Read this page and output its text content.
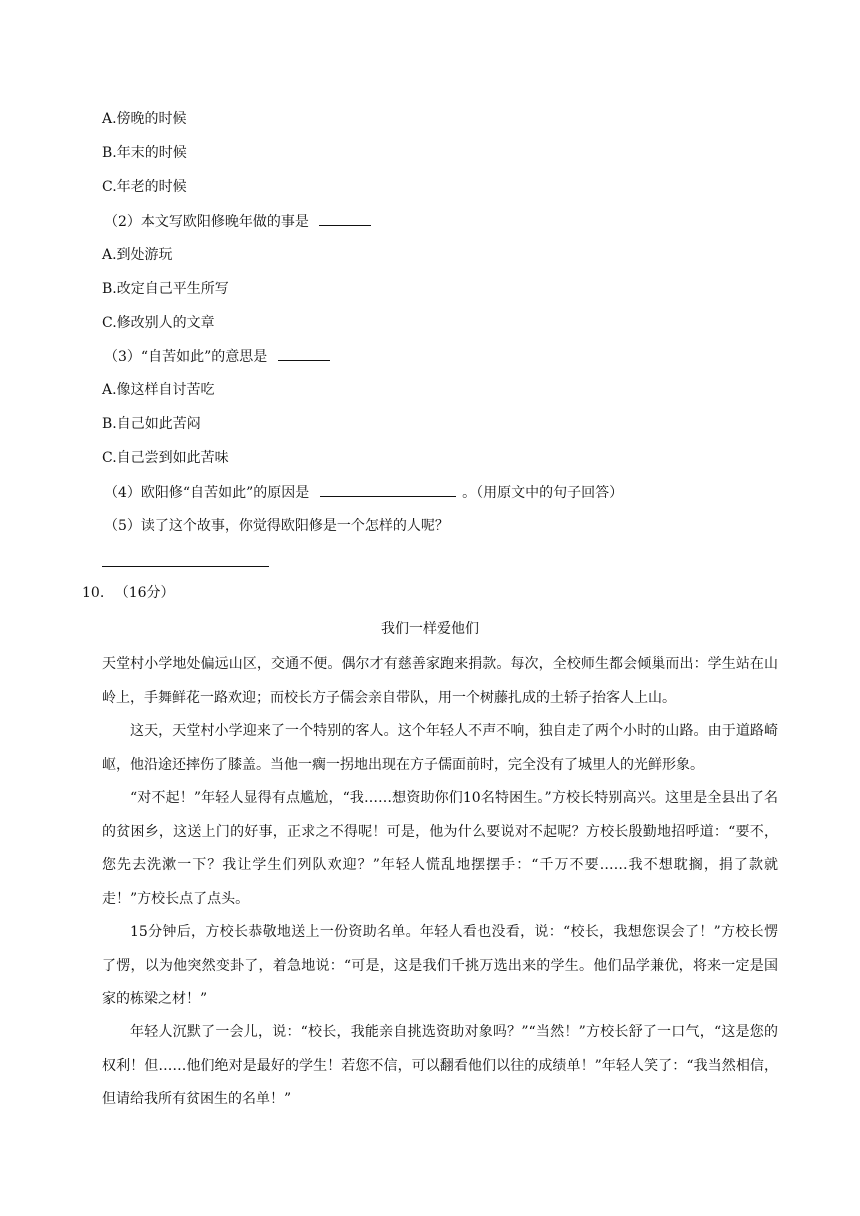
A.傍晚的时候
B.年末的时候
C.年老的时候
（2）本文写欧阳修晚年做的事是
A.到处游玩
B.改定自己平生所写
C.修改别人的文章
（3）“自苦如此”的意思是
A.像这样自讨苦吃
B.自己如此苦闷
C.自己尝到如此苦味
（4）欧阳修“自苦如此”的原因是	。（用原文中的句子回答）
（5）读了这个故事，你觉得欧阳修是一个怎样的人呢？
10. （16分）
我们一样爱他们
天堂村小学地处偏远山区，交通不便。偶尔才有慈善家跑来捐款。每次，全校师生都会倾巢而出：学生站在山岭上，手舞鲜花一路欢迎；而校长方子儒会亲自带队，用一个树藤扎成的土轿子抬客人上山。
这天，天堂村小学迎来了一个特别的客人。这个年轻人不声不响，独自走了两个小时的山路。由于道路崎岖，他沿途还摔伤了膝盖。当他一瘸一拐地出现在方子儒面前时，完全没有了城里人的光鲜形象。
“对不起！”年轻人显得有点尴尬，“我……想资助你们10名特困生。”方校长特别高兴。这里是全县出了名的贫困乡，这送上门的好事，正求之不得呢！可是，他为什么要说对不起呢？方校长殷勤地招呼道：“要不，您先去洗漱一下？我让学生们列队欢迎？”年轻人慌乱地摆摆手：“千万不要……我不想耽搁，捐了款就走！”方校长点了点头。
15分钟后，方校长恭敬地送上一份资助名单。年轻人看也没看，说：“校长，我想您误会了！”方校长愣了愣，以为他突然变卦了，着急地说：“可是，这是我们千挑万选出来的学生。他们品学兼优，将来一定是国家的栋梁之材！”
年轻人沉默了一会儿，说：“校长，我能亲自挑选资助对象吗？”“当然！”方校长舒了一口气，“这是您的权利！但……他们绝对是最好的学生！若您不信，可以翻看他们以往的成绩单！”年轻人笑了：“我当然相信，但请给我所有贫困生的名单！”
